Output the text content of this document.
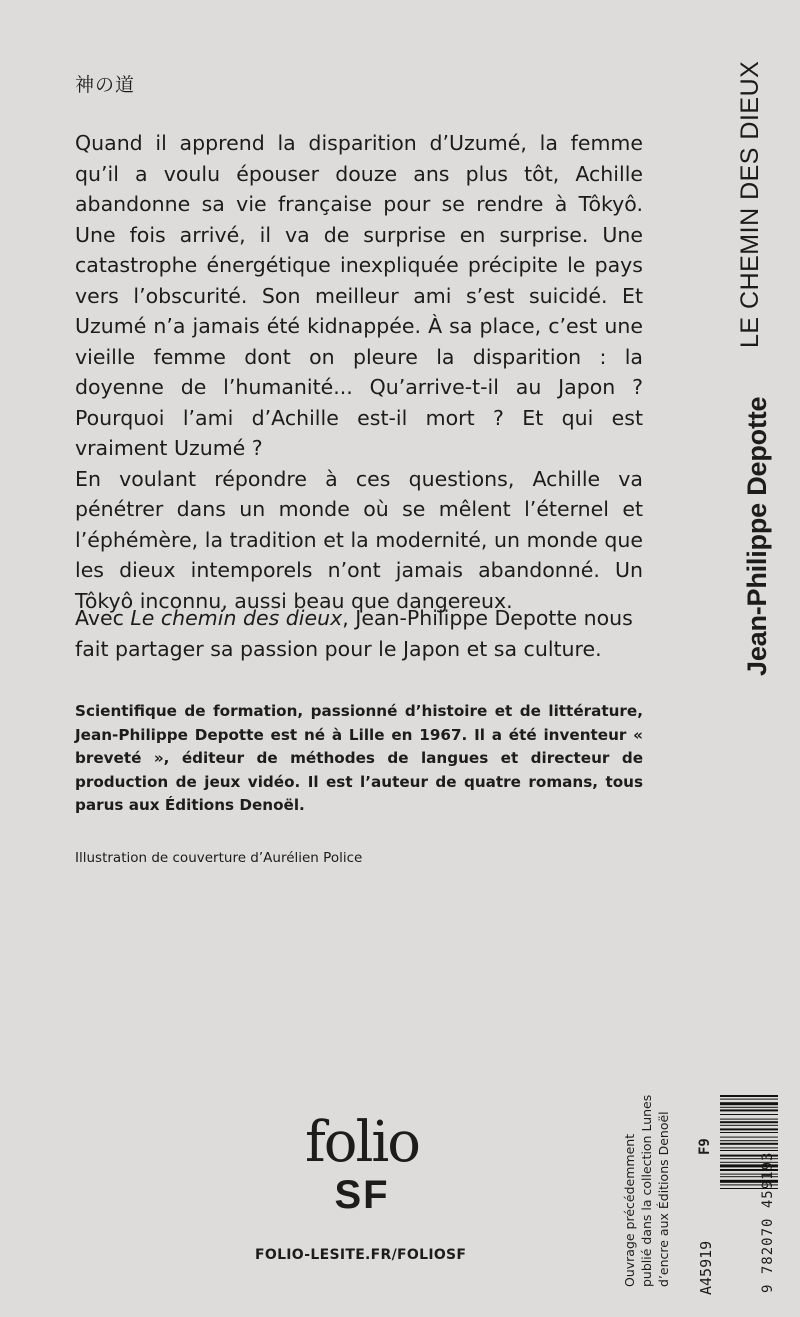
神の道

Quand il apprend la disparition d’Uzumé, la femme qu’il a voulu épouser douze ans plus tôt, Achille abandonne sa vie française pour se rendre à Tôkyô. Une fois arrivé, il va de surprise en surprise. Une catastrophe énergétique inexpliquée précipite le pays vers l’obscurité. Son meilleur ami s’est suicidé. Et Uzumé n’a jamais été kidnappée. À sa place, c’est une vieille femme dont on pleure la disparition : la doyenne de l’humanité... Qu’arrive-t-il au Japon ? Pourquoi l’ami d’Achille est-il mort ? Et qui est vraiment Uzumé ?

En voulant répondre à ces questions, Achille va pénétrer dans un monde où se mêlent l’éternel et l’éphémère, la tradition et la modernité, un monde que les dieux intemporels n’ont jamais abandonné. Un Tôkyô inconnu, aussi beau que dangereux.

Avec Le chemin des dieux, Jean-Philippe Depotte nous fait partager sa passion pour le Japon et sa culture.

Scientifique de formation, passionné d’histoire et de littérature, Jean-Philippe Depotte est né à Lille en 1967. Il a été inventeur « breveté », éditeur de méthodes de langues et directeur de production de jeux vidéo. Il est l’auteur de quatre romans, tous parus aux Éditions Denoël.

Illustration de couverture d’Aurélien Police
LE CHEMIN DES DIEUX
Jean-Philippe Depotte
folio
SF
FOLIO-LESITE.FR/FOLIOSF	Ouvrage précédemment publié dans la collection Lunes d’encre aux Éditions Denoël A45919
F9
9 782070 459193
